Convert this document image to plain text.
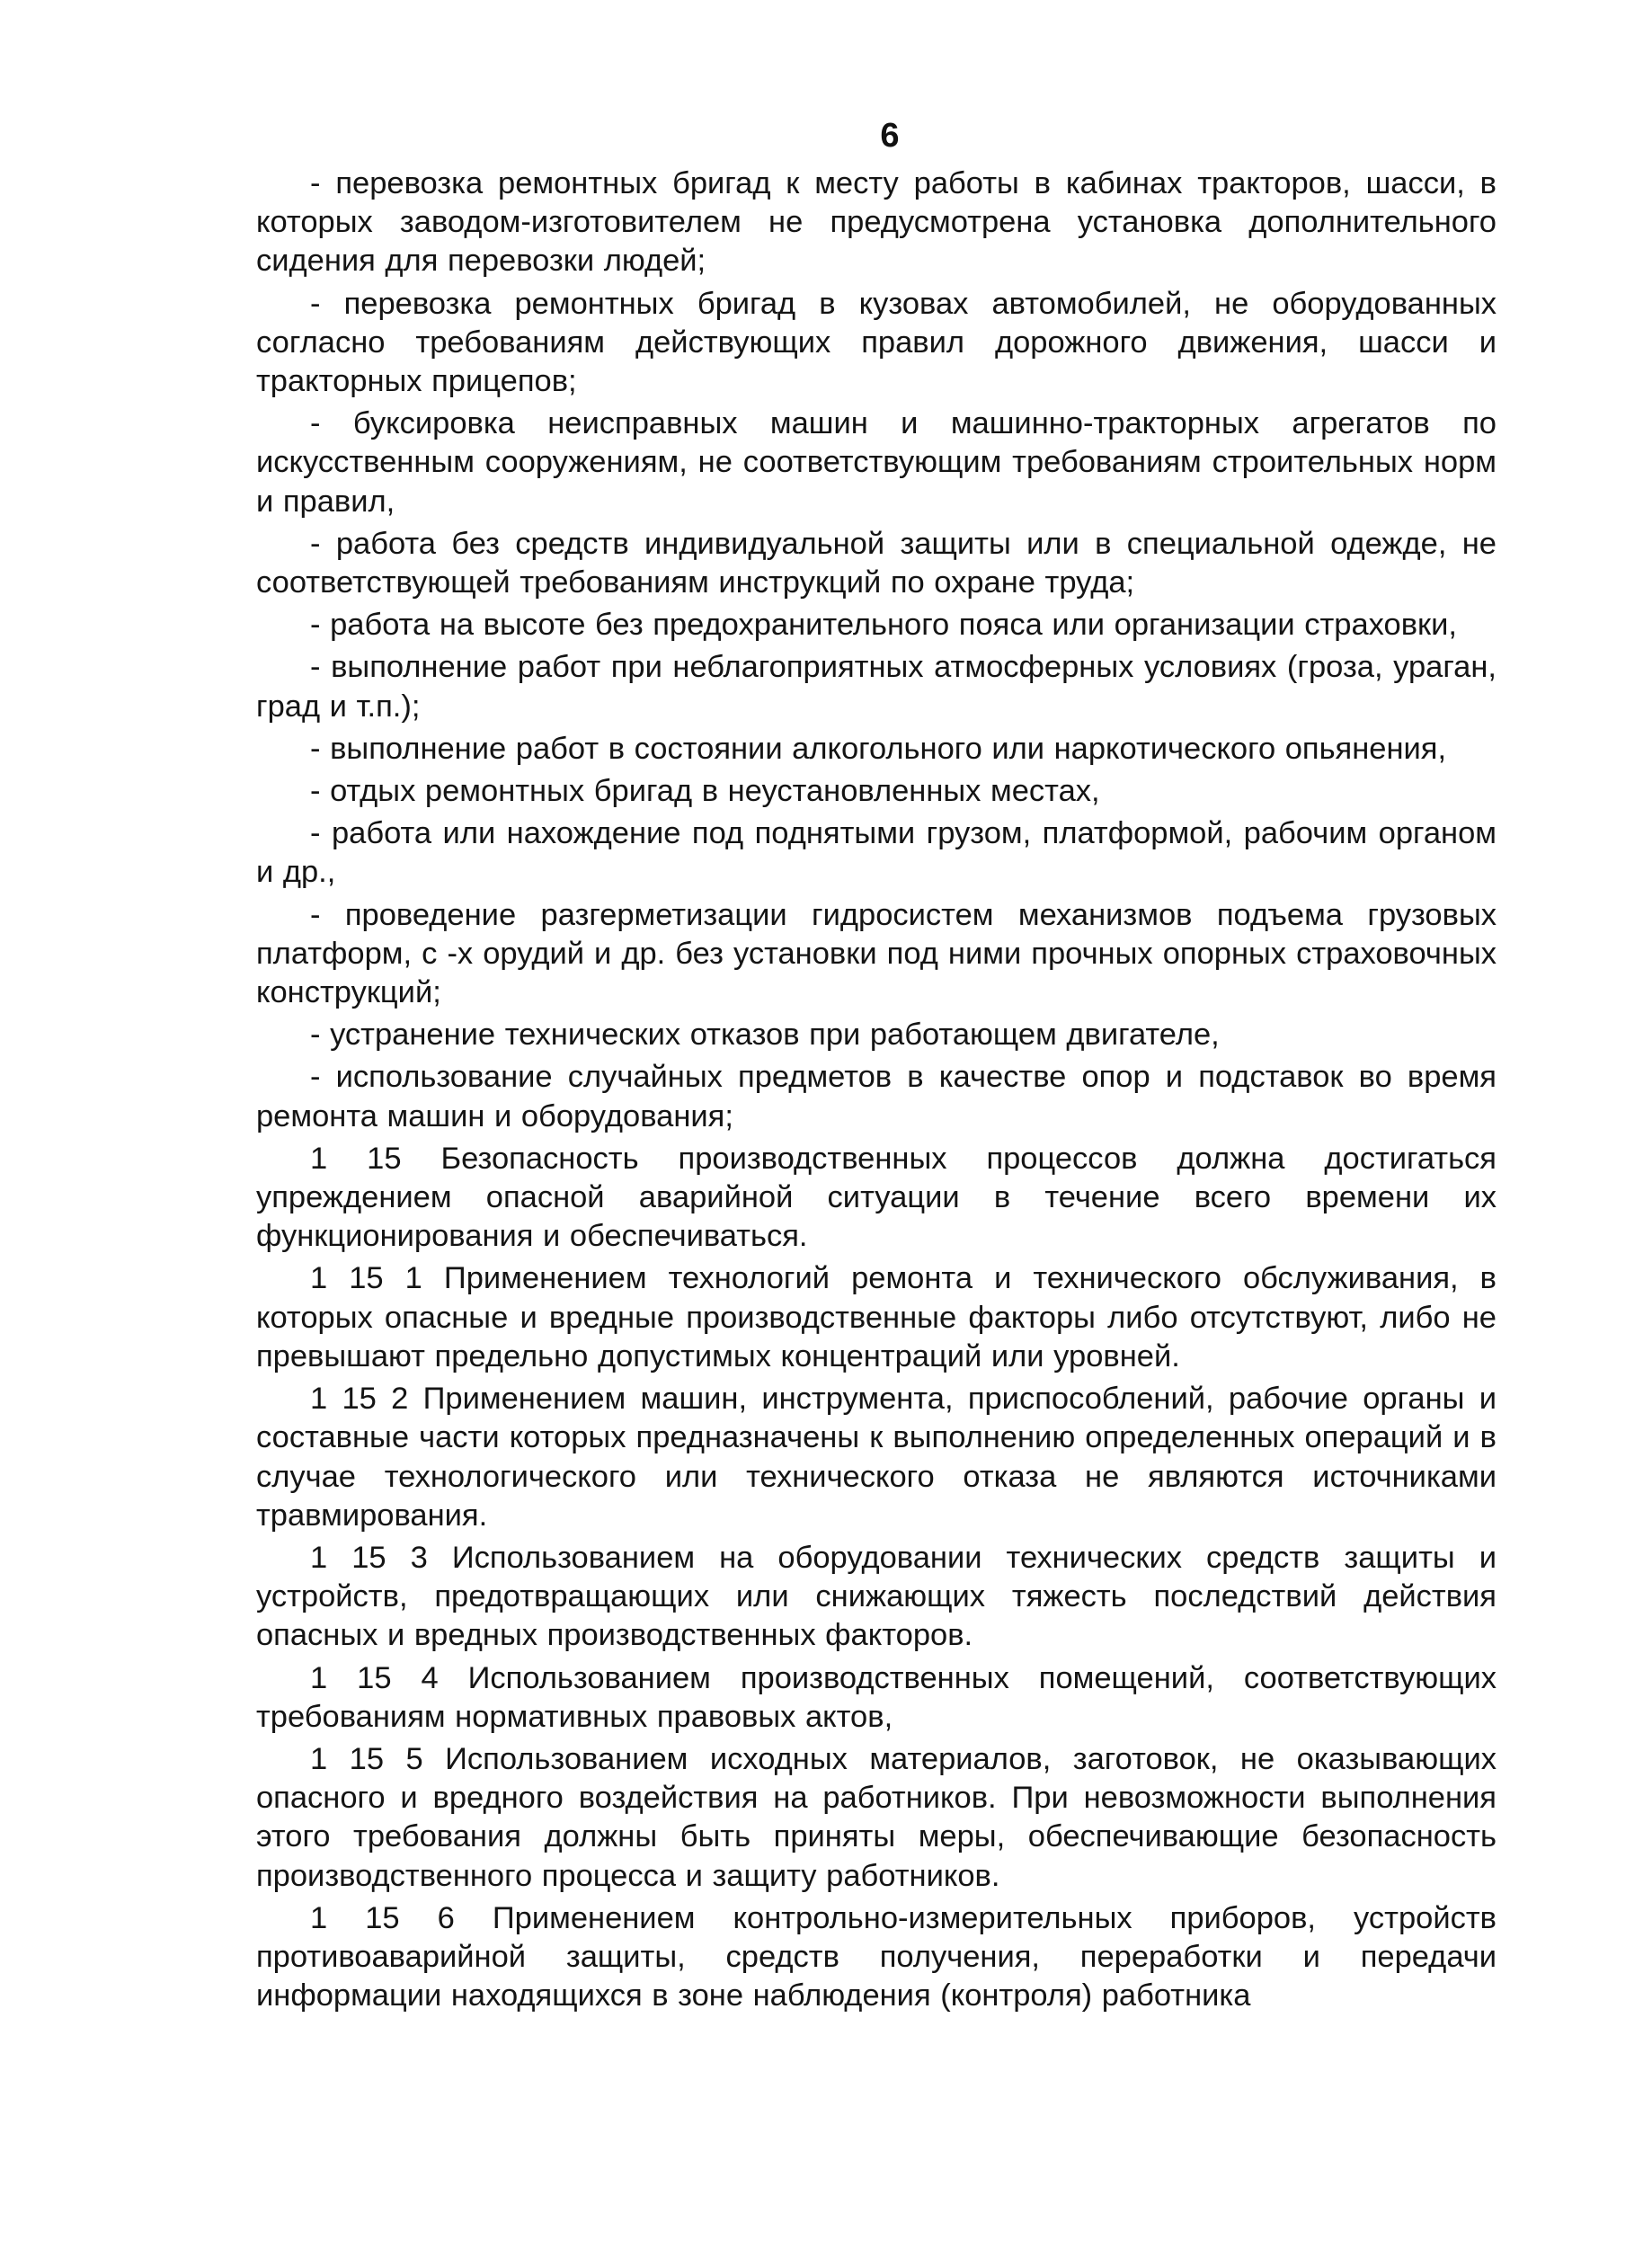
6

- перевозка ремонтных бригад к месту работы в кабинах тракторов, шасси, в которых заводом-изготовителем не предусмотрена установка дополнительного сидения для перевозки людей;

- перевозка ремонтных бригад в кузовах автомобилей, не оборудованных согласно требованиям действующих правил дорожного движения, шасси и тракторных прицепов;

- буксировка неисправных машин и машинно-тракторных агрегатов по искусственным сооружениям, не соответствующим требованиям строительных норм и правил,

- работа без средств индивидуальной защиты или в специальной одежде, не соответствующей требованиям инструкций по охране труда;

- работа на высоте без предохранительного пояса или организации страховки,

- выполнение работ при неблагоприятных атмосферных условиях (гроза, ураган, град и т.п.);

- выполнение работ в состоянии алкогольного или наркотического опьянения,

- отдых ремонтных бригад в неустановленных местах,

- работа или нахождение под поднятыми грузом, платформой, рабочим органом и др.,

- проведение разгерметизации гидросистем механизмов подъема грузовых платформ, с -х орудий и др. без установки под ними прочных опорных страховочных конструкций;

- устранение технических отказов при работающем двигателе,

- использование случайных предметов в качестве опор и подставок во время ремонта машин и оборудования;

1 15 Безопасность производственных процессов должна достигаться упреждением опасной аварийной ситуации в течение всего времени их функционирования и обеспечиваться.

1 15 1 Применением технологий ремонта и технического обслуживания, в которых опасные и вредные производственные факторы либо отсутствуют, либо не превышают предельно допустимых концентраций или уровней.

1 15 2 Применением машин, инструмента, приспособлений, рабочие органы и составные части которых предназначены к выполнению определенных операций и в случае технологического или технического отказа не являются источниками травмирования.

1 15 3 Использованием на оборудовании технических средств защиты и устройств, предотвращающих или снижающих тяжесть последствий действия опасных и вредных производственных факторов.

1 15 4 Использованием производственных помещений, соответствующих требованиям нормативных правовых актов,

1 15 5 Использованием исходных материалов, заготовок, не оказывающих опасного и вредного воздействия на работников. При невозможности выполнения этого требования должны быть приняты меры, обеспечивающие безопасность производственного процесса и защиту работников.

1 15 6 Применением контрольно-измерительных приборов, устройств противоаварийной защиты, средств получения, переработки и передачи информации находящихся в зоне наблюдения (контроля) работника
